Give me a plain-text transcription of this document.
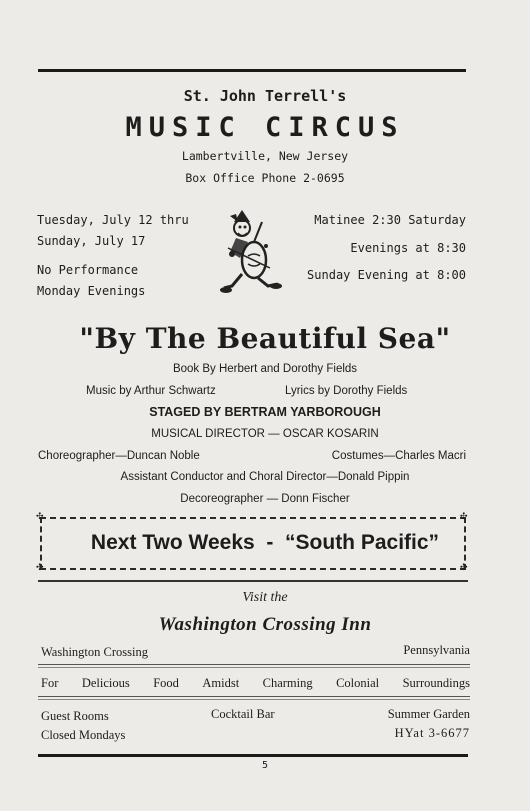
St. John Terrell's
MUSIC CIRCUS
Lambertville, New Jersey
Box Office Phone 2-0695
Tuesday, July 12 thru
Sunday, July 17
No Performance
Monday Evenings
Matinee 2:30 Saturday
Evenings at 8:30
Sunday Evening at 8:00
"By The Beautiful Sea"
Book By Herbert and Dorothy Fields
Music by Arthur Schwartz	Lyrics by Dorothy Fields
STAGED BY BERTRAM YARBOROUGH
MUSICAL DIRECTOR — OSCAR KOSARIN
Choreographer—Duncan Noble	Costumes—Charles Macri
Assistant Conductor and Choral Director—Donald Pippin
Decoreographer — Donn Fischer
✣	✣
✣	✣
Next Two Weeks  -  “South Pacific”
Visit the
Washington Crossing Inn
Washington Crossing	Pennsylvania
For Delicious Food Amidst Charming Colonial Surroundings
Guest Rooms
Closed Mondays
Cocktail Bar	Summer Garden
HYat 3-6677
5
